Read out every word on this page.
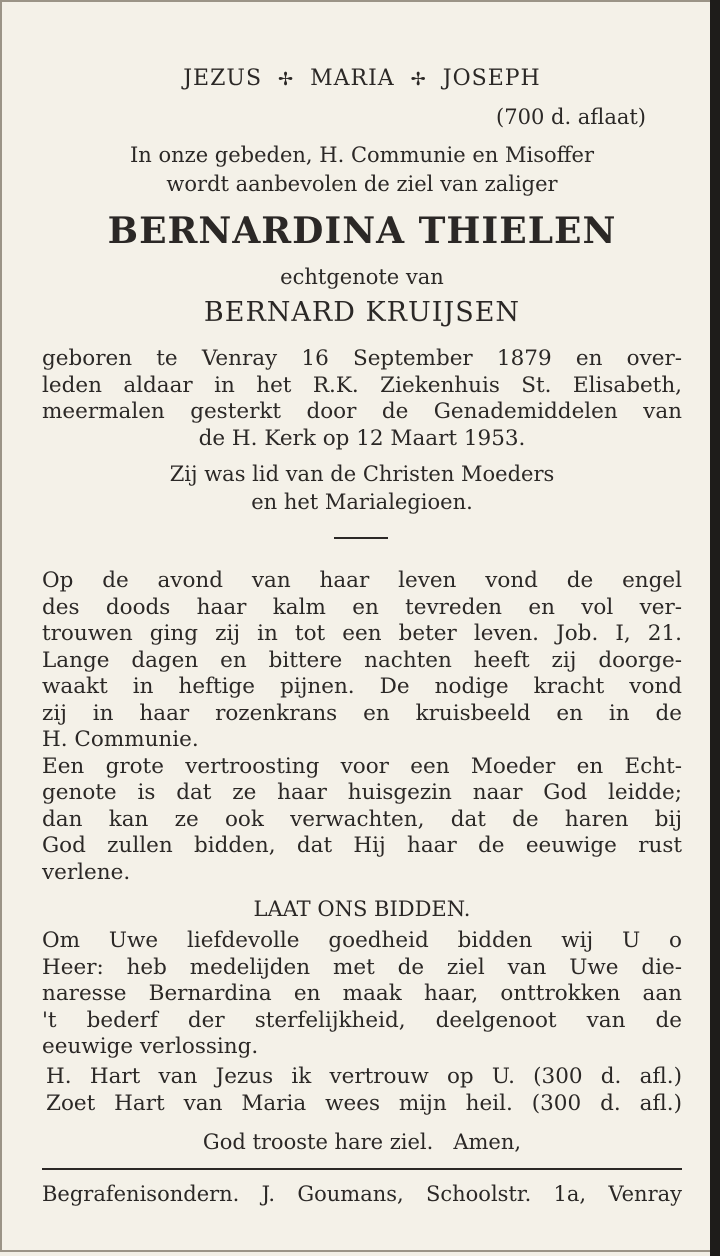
JEZUS ✢ MARIA ✢ JOSEPH
(700 d. aflaat)
In onze gebeden, H. Communie en Misoffer
wordt aanbevolen de ziel van zaliger
BERNARDINA THIELEN
echtgenote van
BERNARD KRUIJSEN
geboren te Venray 16 September 1879 en over-
leden aldaar in het R.K. Ziekenhuis St. Elisabeth,
meermalen gesterkt door de Genademiddelen van
de H. Kerk op 12 Maart 1953.
Zij was lid van de Christen Moeders
en het Marialegioen.
Op de avond van haar leven vond de engel
des doods haar kalm en tevreden en vol ver-
trouwen ging zij in tot een beter leven. Job. I, 21.
Lange dagen en bittere nachten heeft zij doorge-
waakt in heftige pijnen. De nodige kracht vond
zij in haar rozenkrans en kruisbeeld en in de
H. Communie.
Een grote vertroosting voor een Moeder en Echt-
genote is dat ze haar huisgezin naar God leidde;
dan kan ze ook verwachten, dat de haren bij
God zullen bidden, dat Hij haar de eeuwige rust
verlene.
LAAT ONS BIDDEN.
Om Uwe liefdevolle goedheid bidden wij U o
Heer: heb medelijden met de ziel van Uwe die-
naresse Bernardina en maak haar, onttrokken aan
't bederf der sterfelijkheid, deelgenoot van de
eeuwige verlossing.
H. Hart van Jezus ik vertrouw op U. (300 d. afl.)
Zoet Hart van Maria wees mijn heil. (300 d. afl.)
God trooste hare ziel.   Amen,
Begrafenisondern. J. Goumans, Schoolstr. 1a, Venray
